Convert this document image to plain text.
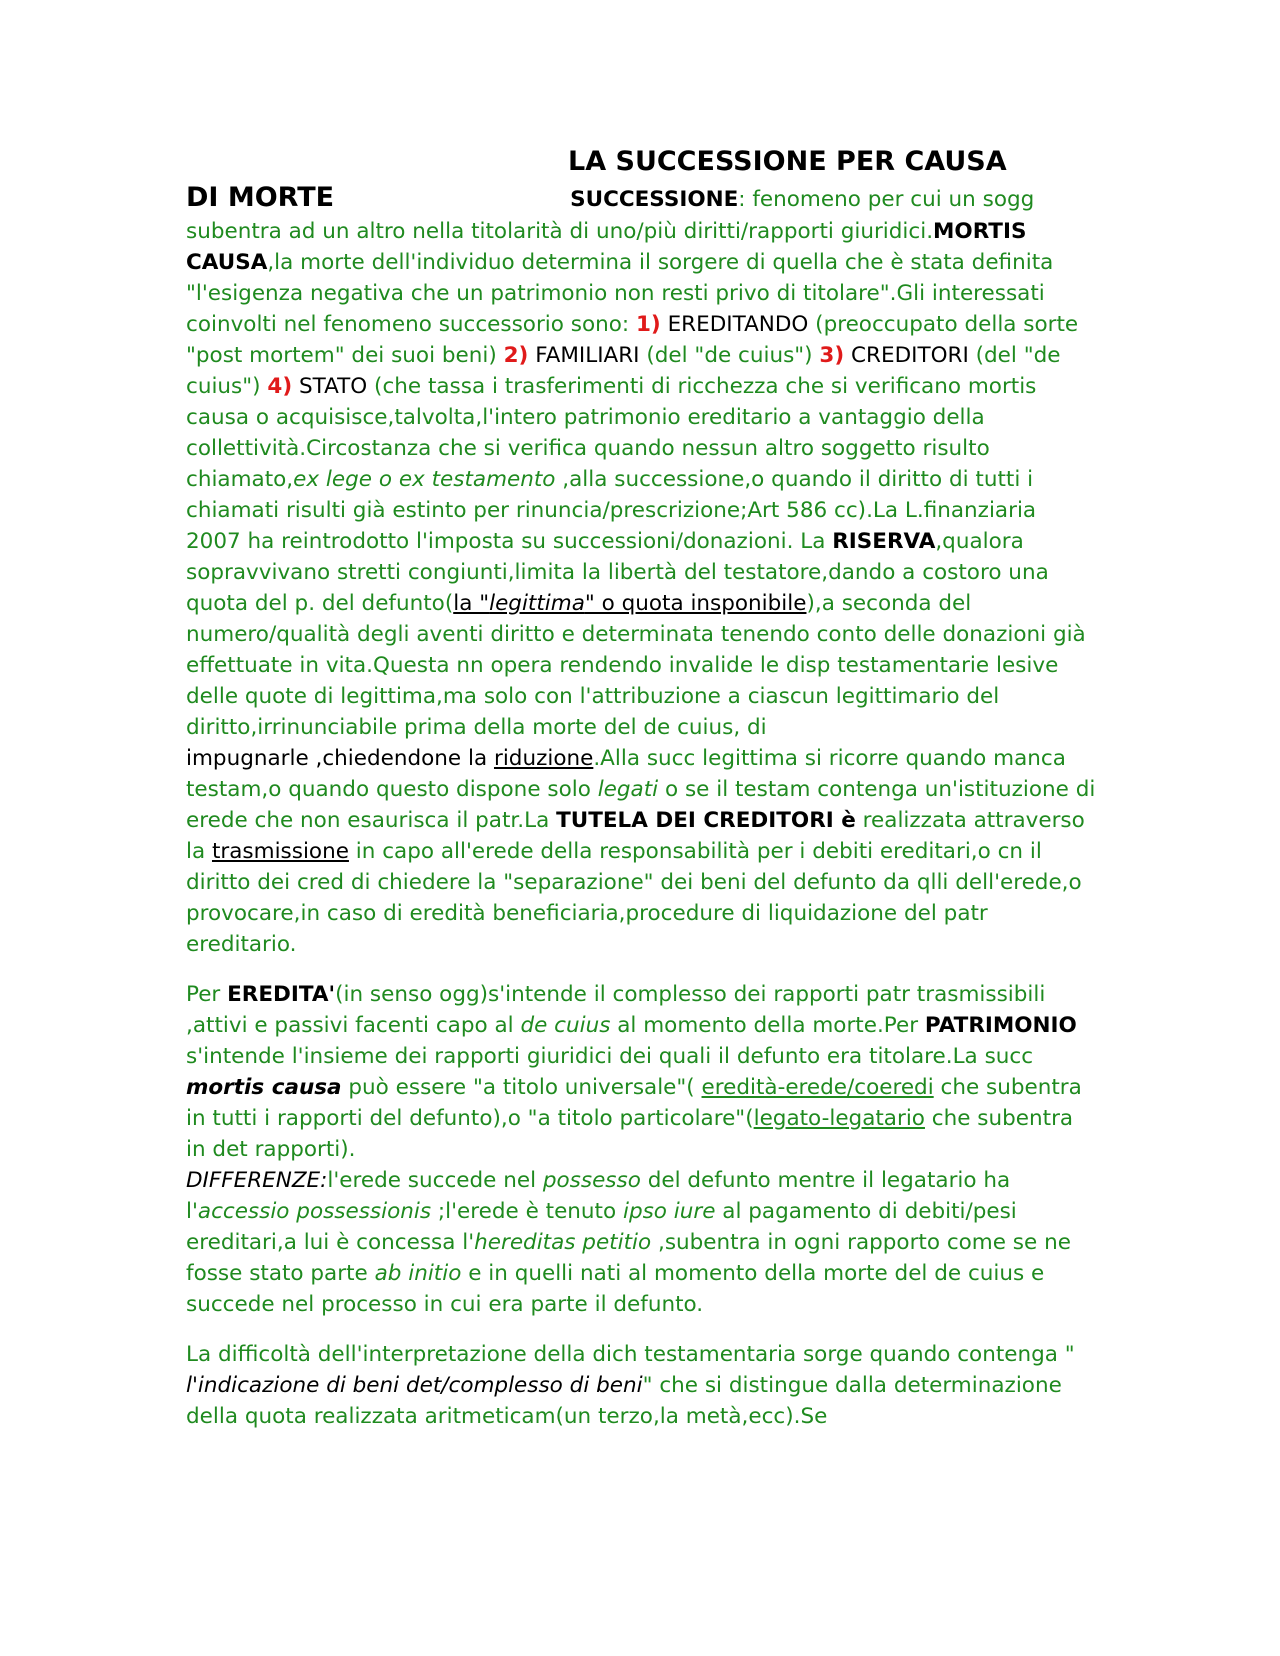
LA SUCCESSIONE PER CAUSA
DI MORTE	SUCCESSIONE: fenomeno per cui un sogg subentra ad un altro nella titolarità di uno/più diritti/rapporti giuridici.MORTIS CAUSA,la morte dell'individuo determina il sorgere di quella che è stata definita "l'esigenza negativa che un patrimonio non resti privo di titolare".Gli interessati coinvolti nel fenomeno successorio sono: 1) EREDITANDO (preoccupato della sorte "post mortem" dei suoi beni) 2) FAMILIARI (del "de cuius") 3) CREDITORI (del "de cuius") 4) STATO (che tassa i trasferimenti di ricchezza che si verificano mortis causa o acquisisce,talvolta,l'intero patrimonio ereditario a vantaggio della collettività.Circostanza che si verifica quando nessun altro soggetto risulto chiamato,ex lege o ex testamento ,alla successione,o quando il diritto di tutti i chiamati risulti già estinto per rinuncia/prescrizione;Art 586 cc).La L.finanziaria 2007 ha reintrodotto l'imposta su successioni/donazioni. La RISERVA,qualora sopravvivano stretti congiunti,limita la libertà del testatore,dando a costoro una quota del p. del defunto(la "legittima" o quota insponibile),a seconda del numero/qualità degli aventi diritto e determinata tenendo conto delle donazioni già effettuate in vita.Questa nn opera rendendo invalide le disp testamentarie lesive delle quote di legittima,ma solo con l'attribuzione a ciascun legittimario del diritto,irrinunciabile prima della morte del de cuius, di
impugnarle ,chiedendone la riduzione.Alla succ legittima si ricorre quando manca testam,o quando questo dispone solo legati o se il testam contenga un'istituzione di erede che non esaurisca il patr.La TUTELA DEI CREDITORI è realizzata attraverso la trasmissione in capo all'erede della responsabilità per i debiti ereditari,o cn il diritto dei cred di chiedere la "separazione" dei beni del defunto da qlli dell'erede,o provocare,in caso di eredità beneficiaria,procedure di liquidazione del patr ereditario.

Per EREDITA'(in senso ogg)s'intende il complesso dei rapporti patr trasmissibili ,attivi e passivi facenti capo al de cuius al momento della morte.Per PATRIMONIO s'intende l'insieme dei rapporti giuridici dei quali il defunto era titolare.La succ mortis causa può essere "a titolo universale"( eredità-erede/coeredi che subentra in tutti i rapporti del defunto),o "a titolo particolare"(legato-legatario che subentra in det rapporti).
DIFFERENZE:l'erede succede nel possesso del defunto mentre il legatario ha l'accessio possessionis ;l'erede è tenuto ipso iure al pagamento di debiti/pesi ereditari,a lui è concessa l'hereditas petitio ,subentra in ogni rapporto come se ne fosse stato parte ab initio e in quelli nati al momento della morte del de cuius e succede nel processo in cui era parte il defunto.

La difficoltà dell'interpretazione della dich testamentaria sorge quando contenga " l'indicazione di beni det/complesso di beni" che si distingue dalla determinazione della quota realizzata aritmeticam(un terzo,la metà,ecc).Se
